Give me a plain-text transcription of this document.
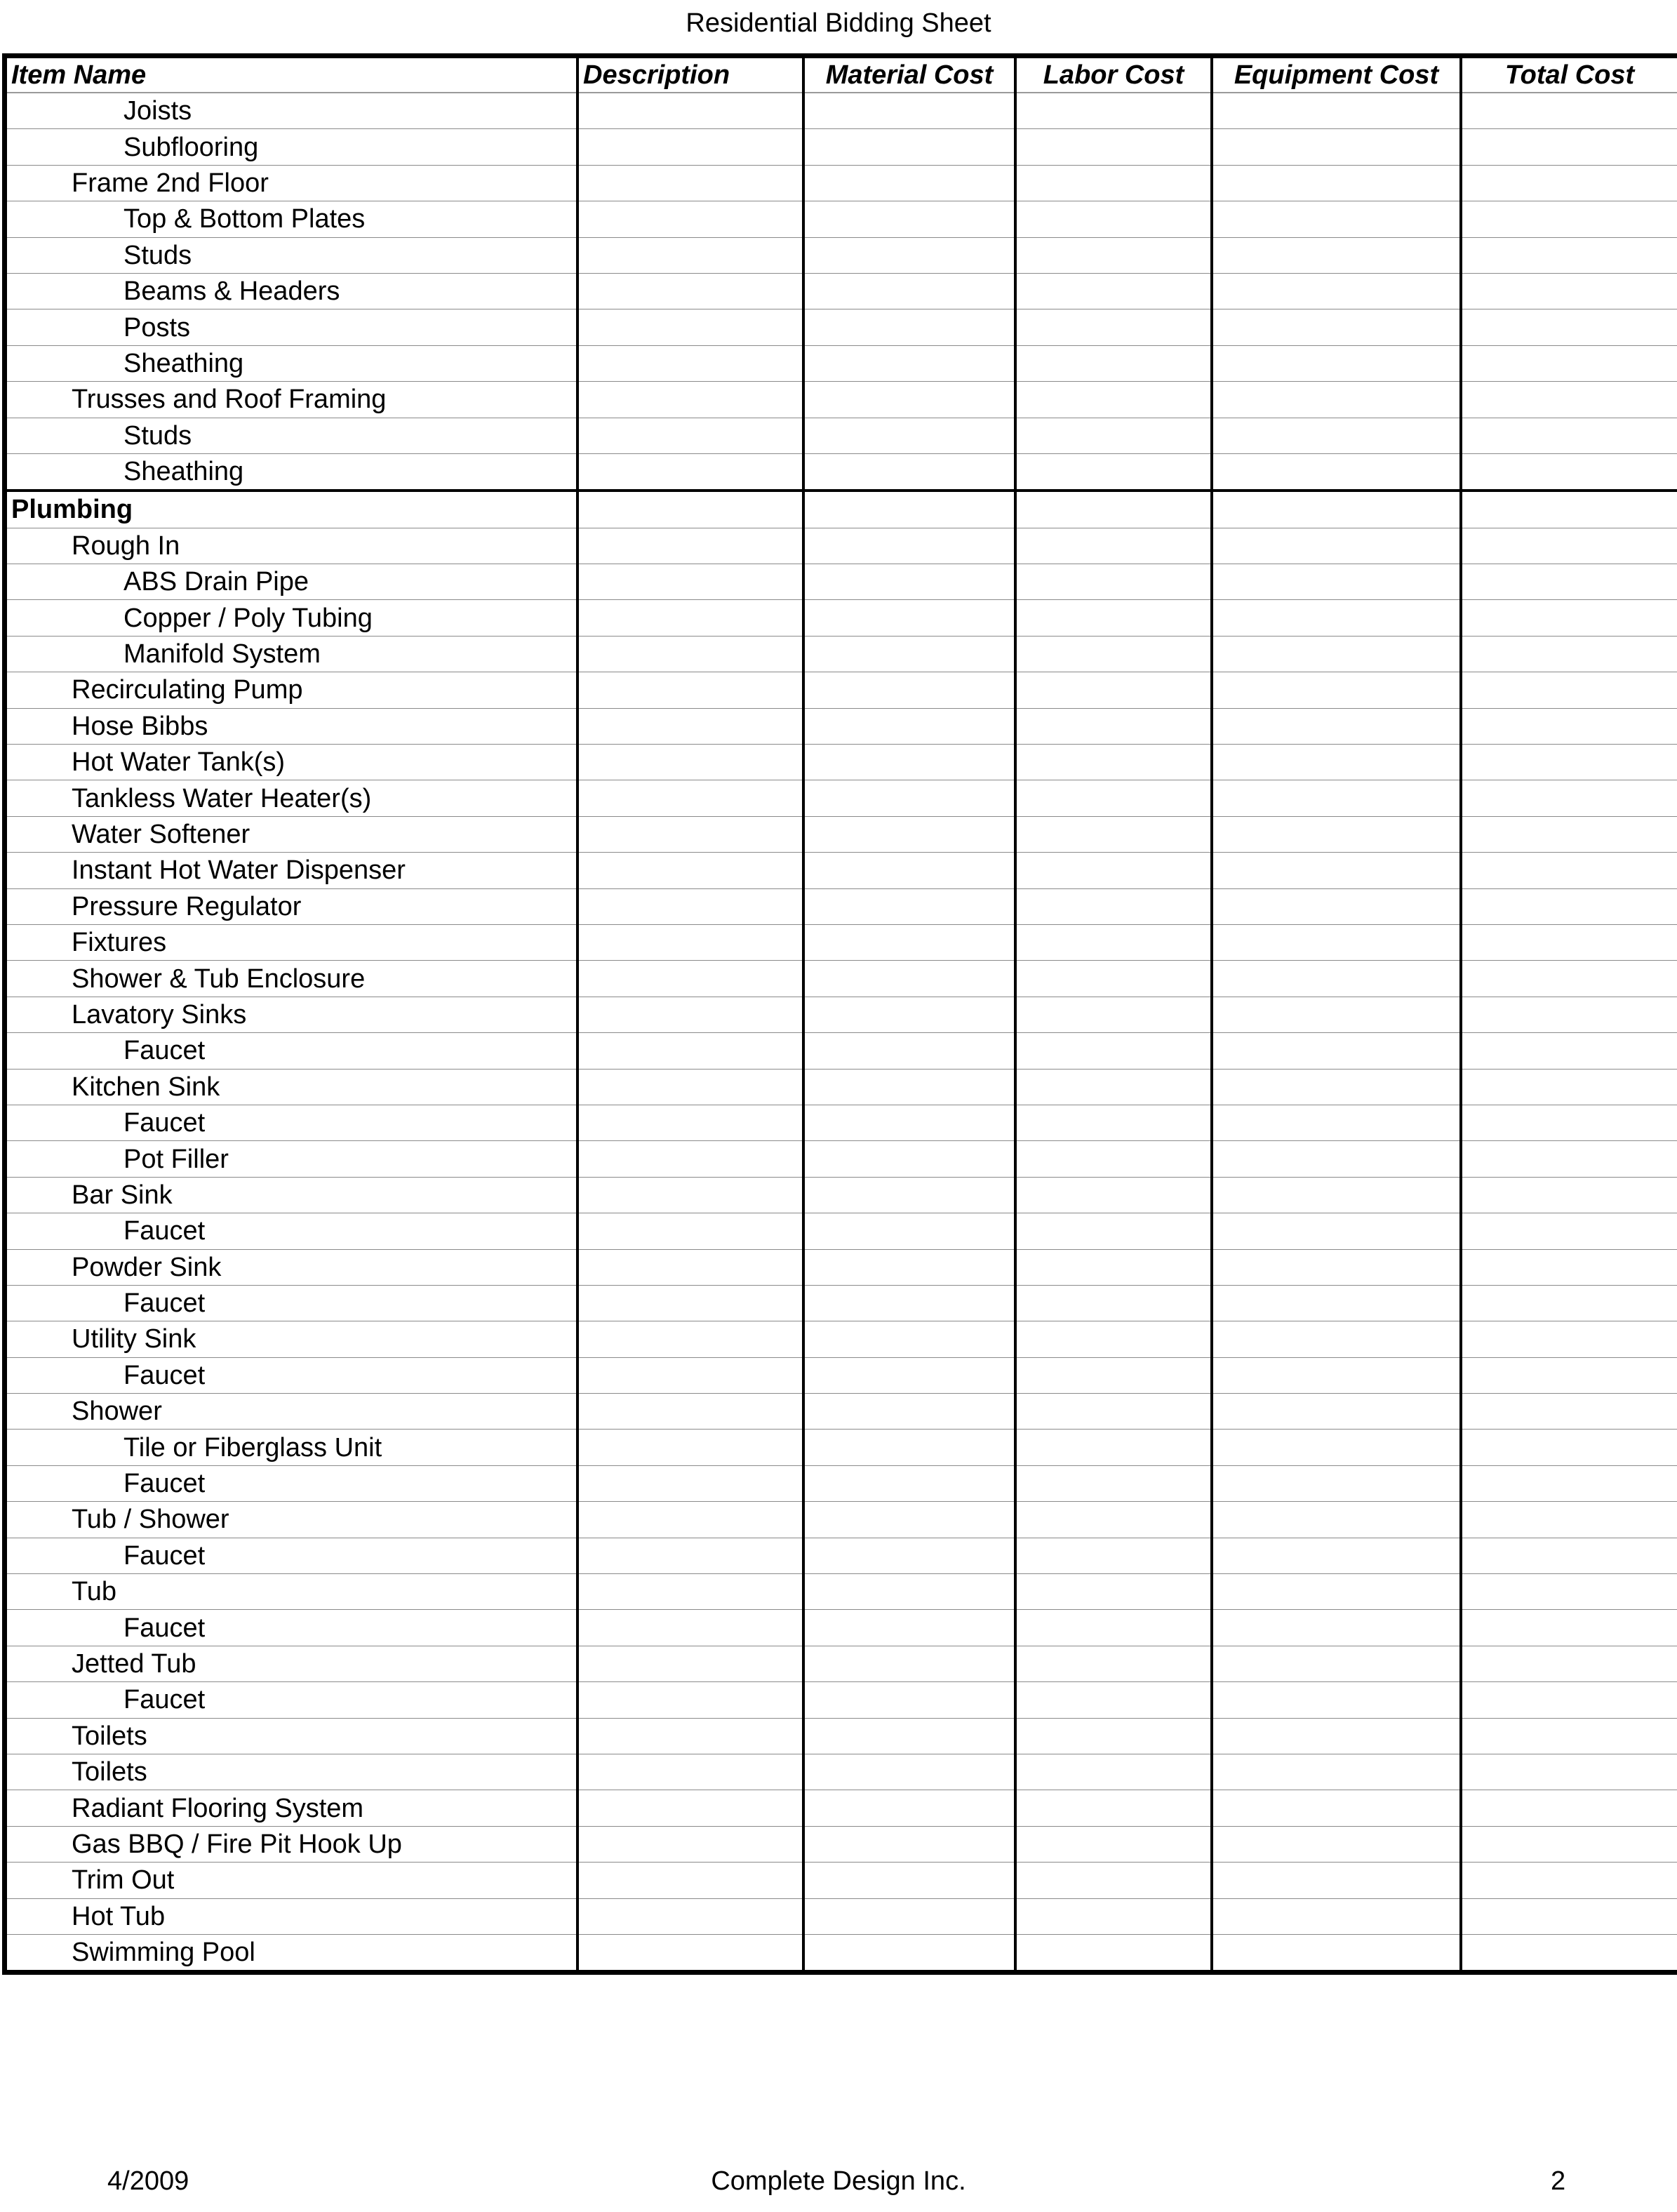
Residential Bidding Sheet
Item Name	Description	Material Cost	Labor Cost	Equipment Cost	Total Cost
Joists					
Subflooring					
Frame 2nd Floor					
Top & Bottom Plates					
Studs					
Beams & Headers					
Posts					
Sheathing					
Trusses and Roof Framing					
Studs					
Sheathing					
Plumbing					
Rough In					
ABS Drain Pipe					
Copper / Poly Tubing					
Manifold System					
Recirculating Pump					
Hose Bibbs					
Hot Water Tank(s)					
Tankless Water Heater(s)					
Water Softener					
Instant Hot Water Dispenser					
Pressure Regulator					
Fixtures					
Shower & Tub Enclosure					
Lavatory Sinks					
Faucet					
Kitchen Sink					
Faucet					
Pot Filler					
Bar Sink					
Faucet					
Powder Sink					
Faucet					
Utility Sink					
Faucet					
Shower					
Tile or Fiberglass Unit					
Faucet					
Tub / Shower					
Faucet					
Tub					
Faucet					
Jetted Tub					
Faucet					
Toilets					
Toilets					
Radiant Flooring System					
Gas BBQ / Fire Pit Hook Up					
Trim Out					
Hot Tub					
Swimming Pool					
4/2009	Complete Design Inc.	2
